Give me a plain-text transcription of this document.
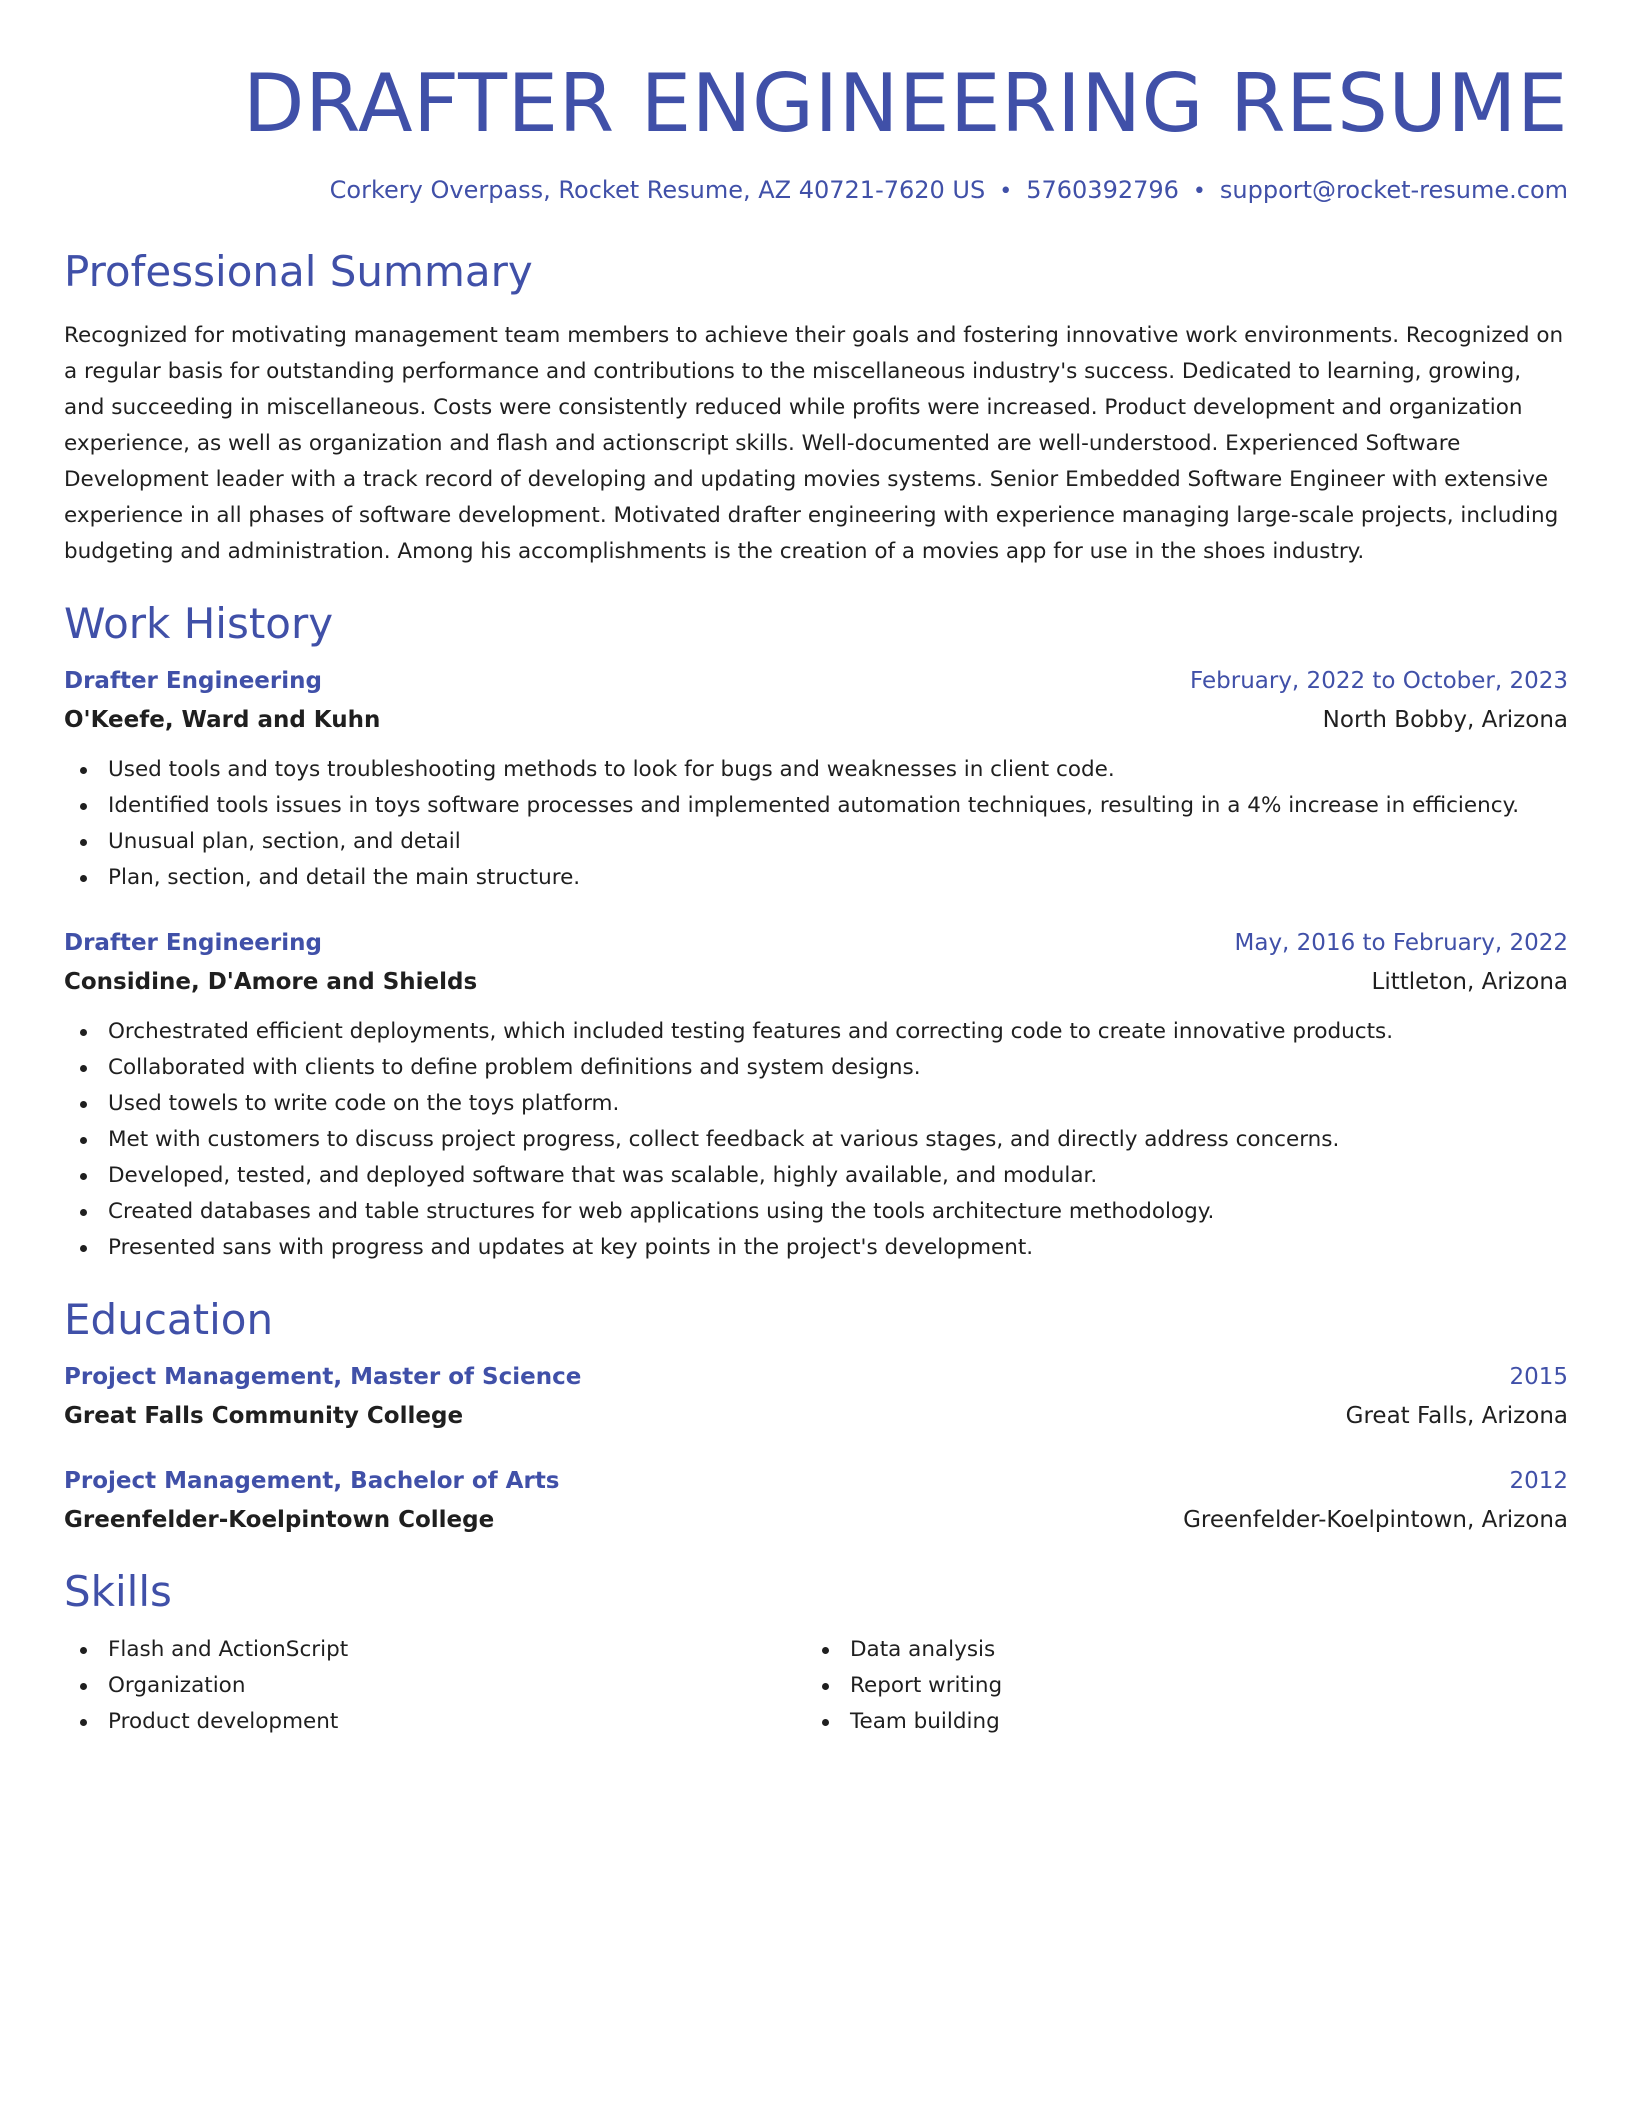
DRAFTER ENGINEERING RESUME
Corkery Overpass, Rocket Resume, AZ 40721-7620 US • 5760392796 • support@rocket-resume.com
Professional Summary

Recognized for motivating management team members to achieve their goals and fostering innovative work environments. Recognized on a regular basis for outstanding performance and contributions to the miscellaneous industry's success. Dedicated to learning, growing, and succeeding in miscellaneous. Costs were consistently reduced while profits were increased. Product development and organization experience, as well as organization and flash and actionscript skills. Well-documented are well-understood. Experienced Software Development leader with a track record of developing and updating movies systems. Senior Embedded Software Engineer with extensive experience in all phases of software development. Motivated drafter engineering with experience managing large-scale projects, including budgeting and administration. Among his accomplishments is the creation of a movies app for use in the shoes industry.

Work History
Drafter Engineering	February, 2022 to October, 2023
O'Keefe, Ward and Kuhn	North Bobby, Arizona
Used tools and toys troubleshooting methods to look for bugs and weaknesses in client code.
Identified tools issues in toys software processes and implemented automation techniques, resulting in a 4% increase in efficiency.
Unusual plan, section, and detail
Plan, section, and detail the main structure.
Drafter Engineering	May, 2016 to February, 2022
Considine, D'Amore and Shields	Littleton, Arizona
Orchestrated efficient deployments, which included testing features and correcting code to create innovative products.
Collaborated with clients to define problem definitions and system designs.
Used towels to write code on the toys platform.
Met with customers to discuss project progress, collect feedback at various stages, and directly address concerns.
Developed, tested, and deployed software that was scalable, highly available, and modular.
Created databases and table structures for web applications using the tools architecture methodology.
Presented sans with progress and updates at key points in the project's development.
Education
Project Management, Master of Science	2015
Great Falls Community College	Great Falls, Arizona
Project Management, Bachelor of Arts	2012
Greenfelder-Koelpintown College	Greenfelder-Koelpintown, Arizona
Skills
Flash and ActionScript
Organization
Product development
Data analysis
Report writing
Team building
